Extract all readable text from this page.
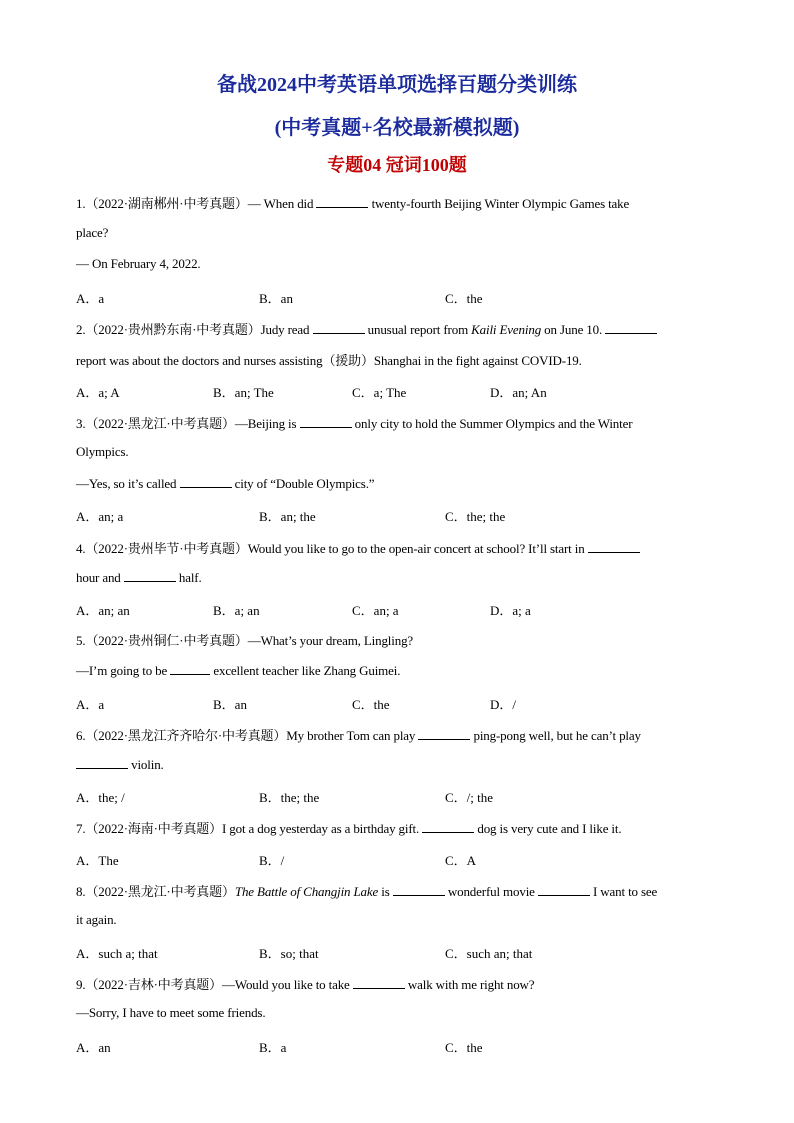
备战2024中考英语单项选择百题分类训练
(中考真题+名校最新模拟题)
专题04 冠词100题
1.（2022·湖南郴州·中考真题）— When did	twenty-fourth Beijing Winter Olympic Games take
place?
— On February 4, 2022.
A．a	B．an	C．the
2.（2022·贵州黔东南·中考真题）Judy read	unusual report from Kaili Evening on June 10.
report was about the doctors and nurses assisting（援助）Shanghai in the fight against COVID-19.
A．a; A	B．an; The	C．a; The	D．an; An
3.（2022·黑龙江·中考真题）—Beijing is	only city to hold the Summer Olympics and the Winter
Olympics.
—Yes, so it’s called	city of “Double Olympics.”
A．an; a	B．an; the	C．the; the
4.（2022·贵州毕节·中考真题）Would you like to go to the open-air concert at school? It’ll start in
hour and	half.
A．an; an	B．a; an	C．an; a	D．a; a
5.（2022·贵州铜仁·中考真题）—What’s your dream, Lingling?
—I’m going to be	excellent teacher like Zhang Guimei.
A．a	B．an	C．the	D．/
6.（2022·黑龙江齐齐哈尔·中考真题）My brother Tom can play	ping-pong well, but he can’t play
violin.
A．the; /	B．the; the	C．/; the
7.（2022·海南·中考真题）I got a dog yesterday as a birthday gift.	dog is very cute and I like it.
A．The	B．/	C．A
8.（2022·黑龙江·中考真题）The Battle of Changjin Lake is	wonderful movie	I want to see
it again.
A．such a; that	B．so; that	C．such an; that
9.（2022·吉林·中考真题）—Would you like to take	walk with me right now?
—Sorry, I have to meet some friends.
A．an	B．a	C．the
